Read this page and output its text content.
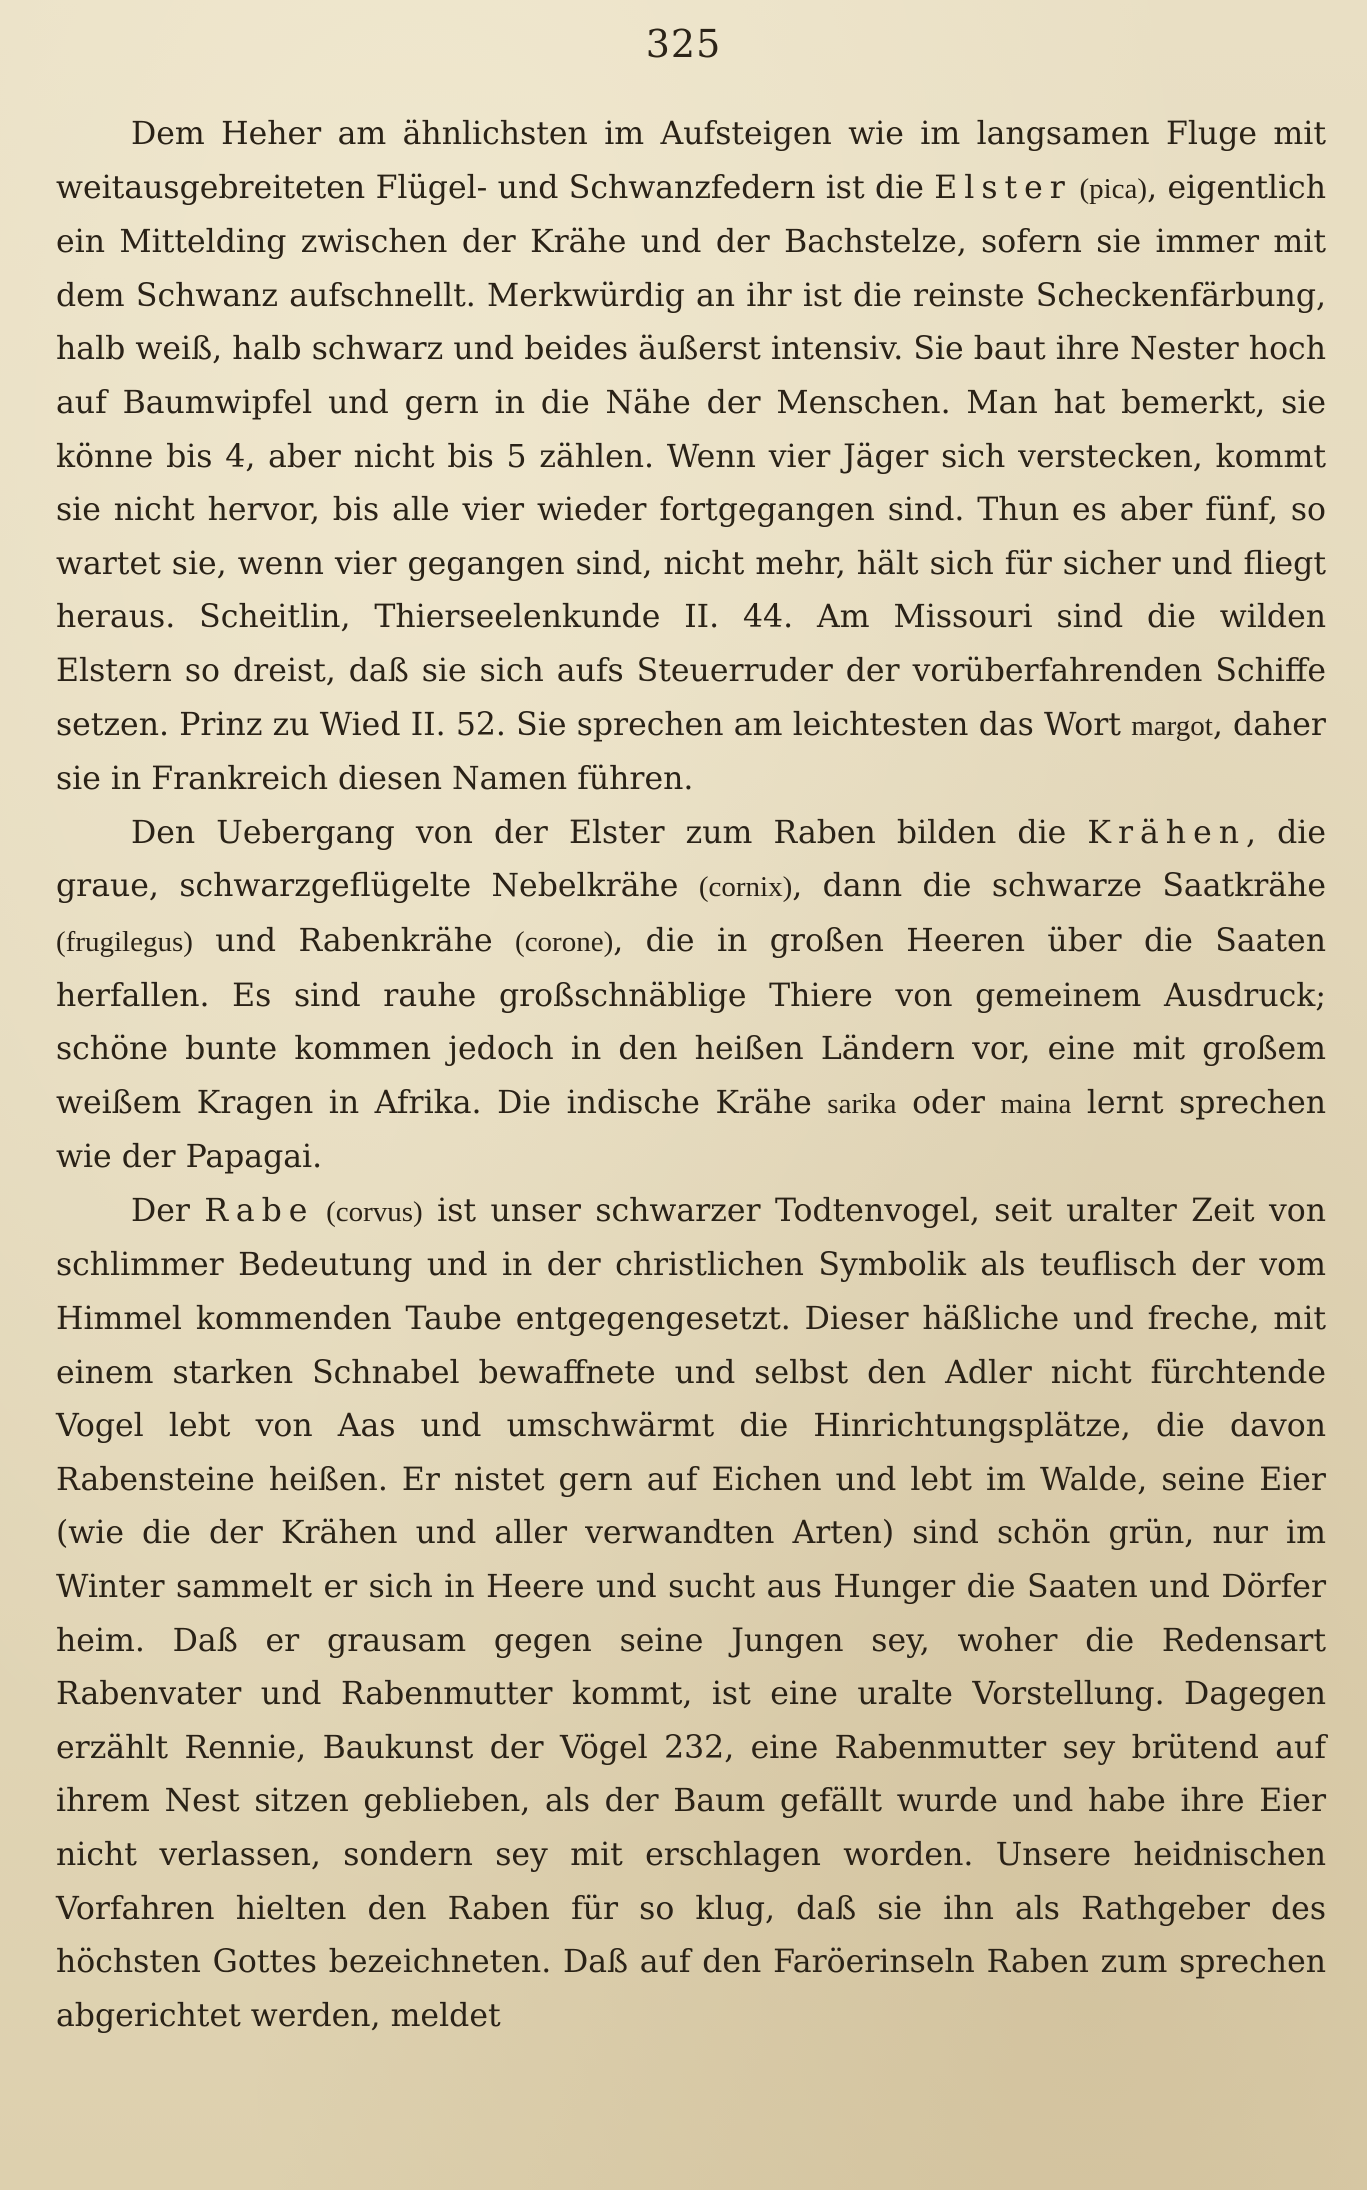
325

Dem Heher am ähnlichsten im Aufsteigen wie im langsamen Fluge mit weitausgebreiteten Flügel- und Schwanzfedern ist die Elster (pica), eigentlich ein Mittelding zwischen der Krähe und der Bachstelze, sofern sie immer mit dem Schwanz aufschnellt. Merkwürdig an ihr ist die reinste Scheckenfärbung, halb weiß, halb schwarz und beides äußerst intensiv. Sie baut ihre Nester hoch auf Baumwipfel und gern in die Nähe der Menschen. Man hat bemerkt, sie könne bis 4, aber nicht bis 5 zählen. Wenn vier Jäger sich verstecken, kommt sie nicht hervor, bis alle vier wieder fortgegangen sind. Thun es aber fünf, so wartet sie, wenn vier gegangen sind, nicht mehr, hält sich für sicher und fliegt heraus. Scheitlin, Thierseelenkunde II. 44. Am Missouri sind die wilden Elstern so dreist, daß sie sich aufs Steuerruder der vorüberfahrenden Schiffe setzen. Prinz zu Wied II. 52. Sie sprechen am leichtesten das Wort margot, daher sie in Frankreich diesen Namen führen.

Den Uebergang von der Elster zum Raben bilden die Krähen, die graue, schwarzgeflügelte Nebelkrähe (cornix), dann die schwarze Saatkrähe (frugilegus) und Rabenkrähe (corone), die in großen Heeren über die Saaten herfallen. Es sind rauhe großschnäblige Thiere von gemeinem Ausdruck; schöne bunte kommen jedoch in den heißen Ländern vor, eine mit großem weißem Kragen in Afrika. Die indische Krähe sarika oder maina lernt sprechen wie der Papagai.

Der Rabe (corvus) ist unser schwarzer Todtenvogel, seit uralter Zeit von schlimmer Bedeutung und in der christlichen Symbolik als teuflisch der vom Himmel kommenden Taube entgegengesetzt. Dieser häßliche und freche, mit einem starken Schnabel bewaffnete und selbst den Adler nicht fürchtende Vogel lebt von Aas und umschwärmt die Hinrichtungsplätze, die davon Rabensteine heißen. Er nistet gern auf Eichen und lebt im Walde, seine Eier (wie die der Krähen und aller verwandten Arten) sind schön grün, nur im Winter sammelt er sich in Heere und sucht aus Hunger die Saaten und Dörfer heim. Daß er grausam gegen seine Jungen sey, woher die Redensart Rabenvater und Rabenmutter kommt, ist eine uralte Vorstellung. Dagegen erzählt Rennie, Baukunst der Vögel 232, eine Rabenmutter sey brütend auf ihrem Nest sitzen geblieben, als der Baum gefällt wurde und habe ihre Eier nicht verlassen, sondern sey mit erschlagen worden. Unsere heidnischen Vorfahren hielten den Raben für so klug, daß sie ihn als Rathgeber des höchsten Gottes bezeichneten. Daß auf den Faröerinseln Raben zum sprechen abgerichtet werden, meldet
